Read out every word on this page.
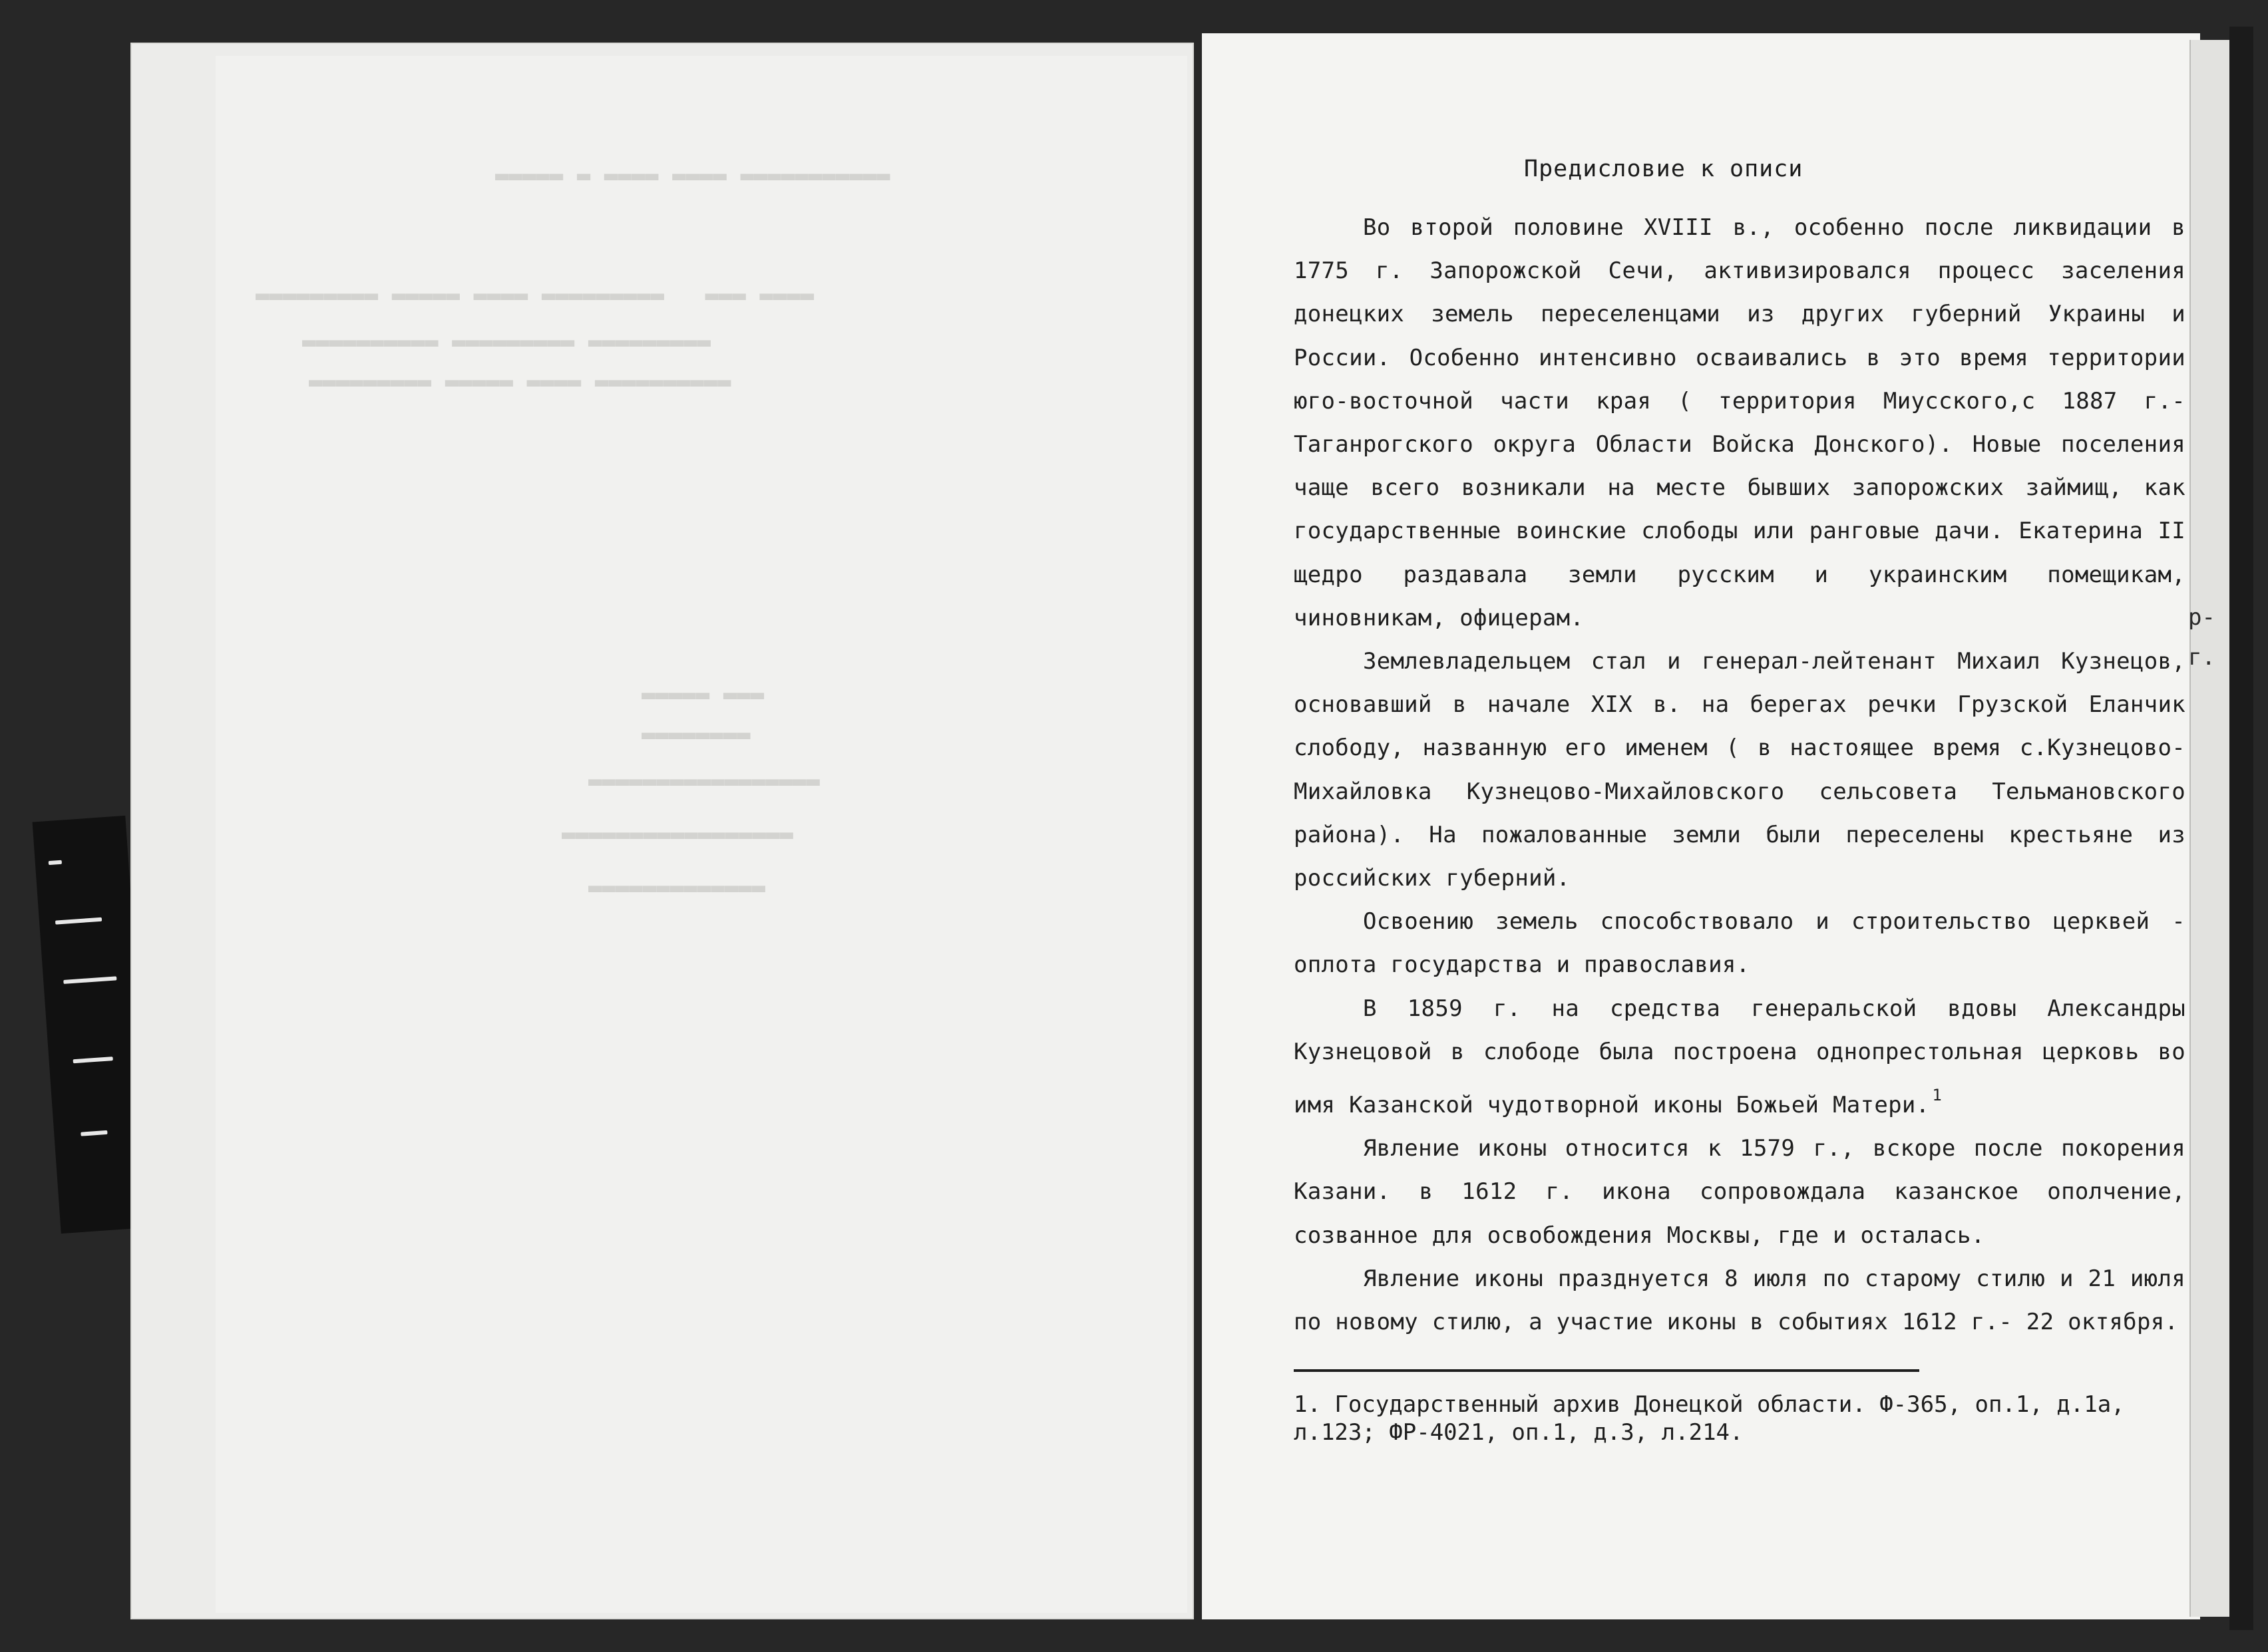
▬▬▬▬▬ ▬ ▬▬▬▬ ▬▬▬▬ ▬▬▬▬▬▬▬▬▬▬▬
▬▬▬▬▬▬▬▬▬ ▬▬▬▬▬ ▬▬▬▬ ▬▬▬▬▬▬▬▬▬   ▬▬▬ ▬▬▬▬
▬▬▬▬▬▬▬▬▬▬ ▬▬▬▬▬▬▬▬▬ ▬▬▬▬▬▬▬▬▬
▬▬▬▬▬▬▬▬▬ ▬▬▬▬▬ ▬▬▬▬ ▬▬▬▬▬▬▬▬▬▬
▬▬▬▬▬ ▬▬▬
▬▬▬▬▬▬▬▬
▬▬▬▬▬▬▬▬▬▬▬▬▬▬▬▬▬
▬▬▬▬▬▬▬▬▬▬▬▬▬▬▬▬▬
▬▬▬▬▬▬▬▬▬▬▬▬▬
Предисловие к описи

Во второй половине XVIII в., особенно после ликвидации в 1775 г. Запорожской Сечи, активизировался процесс заселения донецких земель переселенцами из других губерний Украины и России. Особенно интенсивно осваивались в это время территории юго-восточной части края ( территория Миусского,с 1887 г.- Таганрогского округа Области Войска Донского). Новые поселения чаще всего возникали на месте бывших запорожских займищ, как государственные воинские слободы или ранговые дачи. Екатерина II щедро раздавала земли русским и украинским помещикам, чиновникам, офицерам.

Землевладельцем стал и генерал-лейтенант Михаил Кузнецов, основавший в начале XIX в. на берегах речки Грузской Еланчик слободу, названную его именем ( в настоящее время с.Кузнецово-Михайловка Кузнецово-Михайловского сельсовета Тельмановского района). На пожалованные земли были переселены крестьяне из российских губерний.

Освоению земель способствовало и строительство церквей - оплота государства и православия.

В 1859 г. на средства генеральской вдовы Александры Кузнецовой в слободе была построена однопрестольная церковь во имя Казанской чудотворной иконы Божьей Матери. $^1$

Явление иконы относится к 1579 г., вскоре после покорения Казани. в 1612 г. икона сопровождала казанское ополчение, созванное для освобождения Москвы, где и осталась.

Явление иконы празднуется 8 июля по старому стилю и 21 июля по новому стилю, а участие иконы в событиях 1612 г.- 22 октября.

1. Государственный архив Донецкой области. Ф-365, оп.1, д.1а, л.123; ФР-4021, оп.1, д.3, л.214.
р-
г.
